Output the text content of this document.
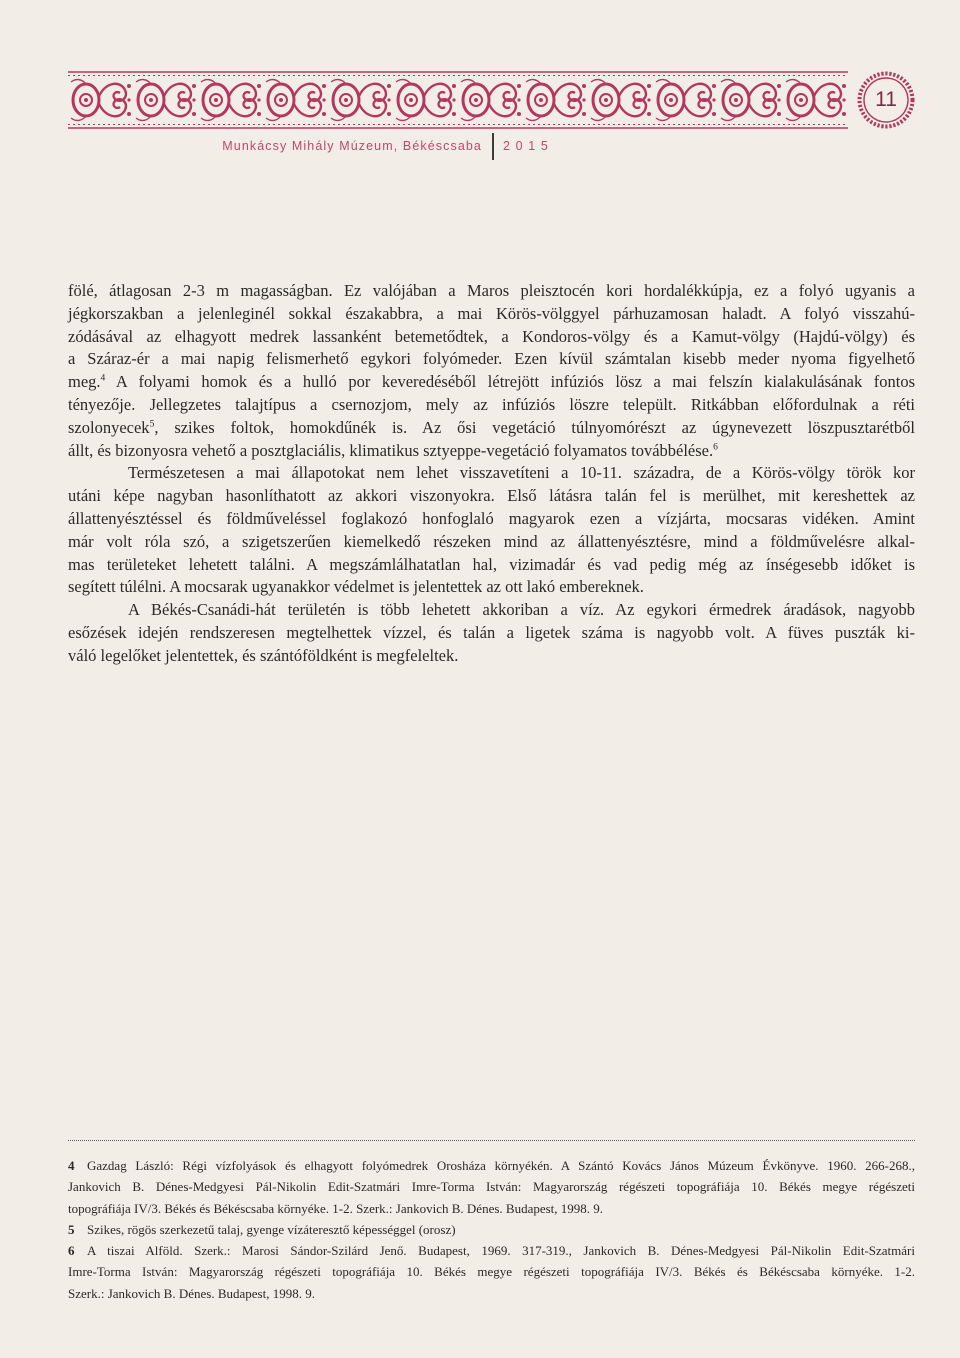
11
Munkácsy Mihály Múzeum, Békéscsaba 2 0 1 5
fölé, átlagosan 2-3 m magasságban. Ez valójában a Maros pleisztocén kori hordalékkúpja, ez a folyó ugyanis a
jégkorszakban a jelenleginél sokkal északabbra, a mai Körös-völggyel párhuzamosan haladt. A folyó visszahú-
zódásával az elhagyott medrek lassanként betemetődtek, a Kondoros-völgy és a Kamut-völgy (Hajdú-völgy) és
a Száraz-ér a mai napig felismerhető egykori folyómeder. Ezen kívül számtalan kisebb meder nyoma figyelhető
meg.$^4$ A folyami homok és a hulló por keveredéséből létrejött infúziós lösz a mai felszín kialakulásának fontos
tényezője. Jellegzetes talajtípus a csernozjom, mely az infúziós löszre települt. Ritkábban előfordulnak a réti
szolonyecek$^5$, szikes foltok, homokdűnék is. Az ősi vegetáció túlnyomórészt az úgynevezett löszpusztarétből
állt, és bizonyosra vehető a posztglaciális, klimatikus sztyeppe-vegetáció folyamatos továbbélése.$^6$
Természetesen a mai állapotokat nem lehet visszavetíteni a 10-11. századra, de a Körös-völgy török kor
utáni képe nagyban hasonlíthatott az akkori viszonyokra. Első látásra talán fel is merülhet, mit kereshettek az
állattenyésztéssel és földműveléssel foglakozó honfoglaló magyarok ezen a vízjárta, mocsaras vidéken. Amint
már volt róla szó, a szigetszerűen kiemelkedő részeken mind az állattenyésztésre, mind a földművelésre alkal-
mas területeket lehetett találni. A megszámlálhatatlan hal, vizimadár és vad pedig még az ínségesebb időket is
segített túlélni. A mocsarak ugyanakkor védelmet is jelentettek az ott lakó embereknek.
A Békés-Csanádi-hát területén is több lehetett akkoriban a víz. Az egykori érmedrek áradások, nagyobb
esőzések idején rendszeresen megtelhettek vízzel, és talán a ligetek száma is nagyobb volt. A füves puszták ki-
váló legelőket jelentettek, és szántóföldként is megfeleltek.
4 Gazdag László: Régi vízfolyások és elhagyott folyómedrek Orosháza környékén. A Szántó Kovács János Múzeum Évkönyve. 1960. 266-268.,
Jankovich B. Dénes-Medgyesi Pál-Nikolin Edit-Szatmári Imre-Torma István: Magyarország régészeti topográfiája 10. Békés megye régészeti
topográfiája IV/3. Békés és Békéscsaba környéke. 1-2. Szerk.: Jankovich B. Dénes. Budapest, 1998. 9.
5 Szikes, rögös szerkezetű talaj, gyenge vízáteresztő képességgel (orosz)
6 A tiszai Alföld. Szerk.: Marosi Sándor-Szilárd Jenő. Budapest, 1969. 317-319., Jankovich B. Dénes-Medgyesi Pál-Nikolin Edit-Szatmári
Imre-Torma István: Magyarország régészeti topográfiája 10. Békés megye régészeti topográfiája IV/3. Békés és Békéscsaba környéke. 1-2.
Szerk.: Jankovich B. Dénes. Budapest, 1998. 9.
